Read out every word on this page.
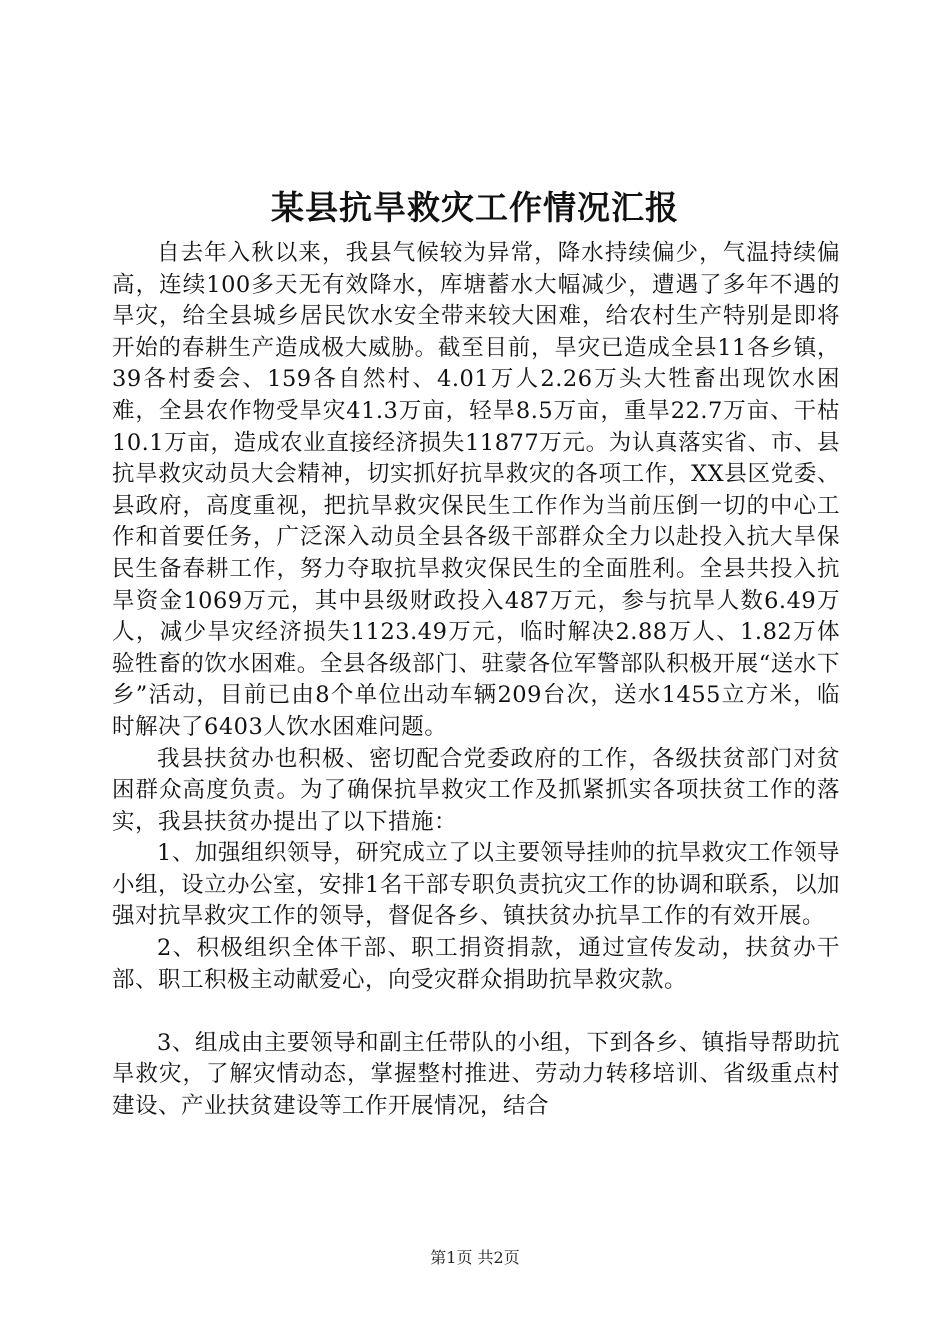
某县抗旱救灾工作情况汇报

自去年入秋以来，我县气候较为异常，降水持续偏少，气温持续偏高，连续100多天无有效降水，库塘蓄水大幅减少，遭遇了多年不遇的旱灾，给全县城乡居民饮水安全带来较大困难，给农村生产特别是即将开始的春耕生产造成极大威胁。截至目前，旱灾已造成全县11各乡镇，39各村委会、159各自然村、4.01万人2.26万头大牲畜出现饮水困难，全县农作物受旱灾41.3万亩，轻旱8.5万亩，重旱22.7万亩、干枯10.1万亩，造成农业直接经济损失11877万元。为认真落实省、市、县抗旱救灾动员大会精神，切实抓好抗旱救灾的各项工作，XX县区党委、县政府，高度重视，把抗旱救灾保民生工作作为当前压倒一切的中心工作和首要任务，广泛深入动员全县各级干部群众全力以赴投入抗大旱保民生备春耕工作，努力夺取抗旱救灾保民生的全面胜利。全县共投入抗旱资金1069万元，其中县级财政投入487万元，参与抗旱人数6.49万人，减少旱灾经济损失1123.49万元，临时解决2.88万人、1.82万体验牲畜的饮水困难。全县各级部门、驻蒙各位军警部队积极开展“送水下乡”活动，目前已由8个单位出动车辆209台次，送水1455立方米，临时解决了6403人饮水困难问题。

我县扶贫办也积极、密切配合党委政府的工作，各级扶贫部门对贫困群众高度负责。为了确保抗旱救灾工作及抓紧抓实各项扶贫工作的落实，我县扶贫办提出了以下措施：

1、加强组织领导，研究成立了以主要领导挂帅的抗旱救灾工作领导小组，设立办公室，安排1名干部专职负责抗灾工作的协调和联系，以加强对抗旱救灾工作的领导，督促各乡、镇扶贫办抗旱工作的有效开展。

2、积极组织全体干部、职工捐资捐款，通过宣传发动，扶贫办干部、职工积极主动献爱心，向受灾群众捐助抗旱救灾款。

3、组成由主要领导和副主任带队的小组，下到各乡、镇指导帮助抗旱救灾，了解灾情动态，掌握整村推进、劳动力转移培训、省级重点村建设、产业扶贫建设等工作开展情况，结合

第1页 共2页
